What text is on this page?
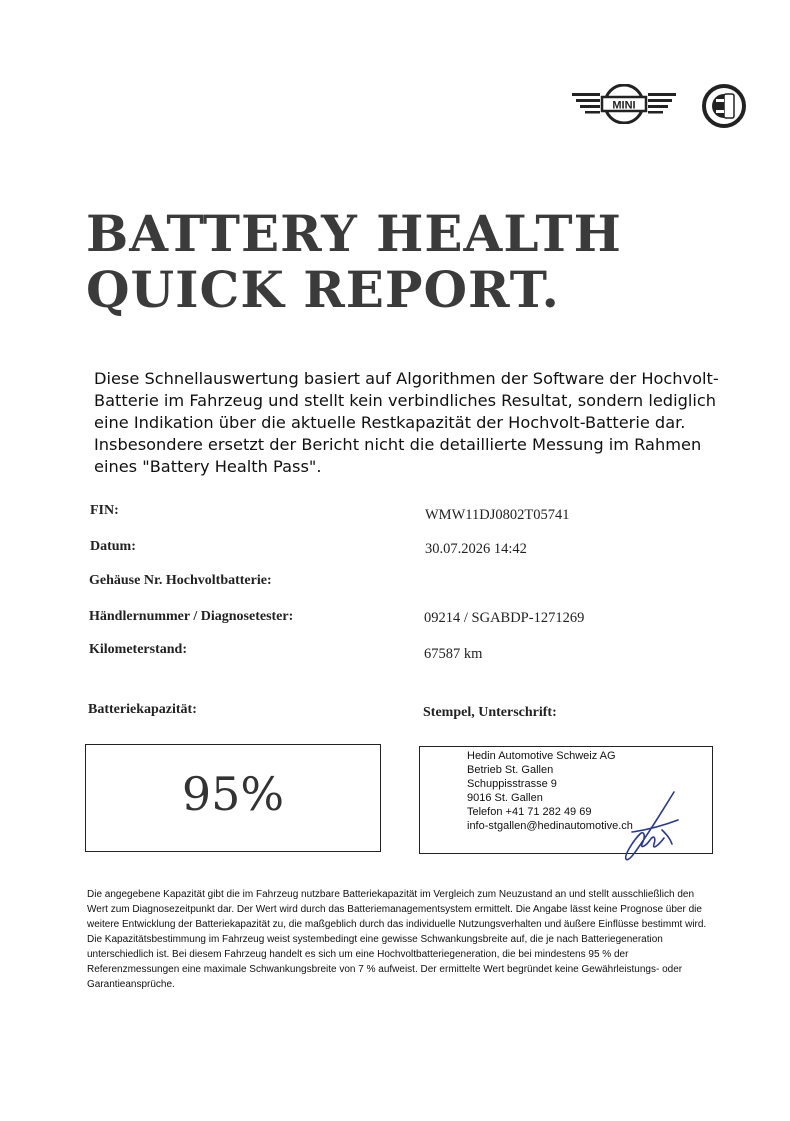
MINI
BATTERY HEALTH
QUICK REPORT.

Diese Schnellauswertung basiert auf Algorithmen der Software der Hochvolt-Batterie im Fahrzeug und stellt kein verbindliches Resultat, sondern lediglich eine Indikation über die aktuelle Restkapazität der Hochvolt-Batterie dar. Insbesondere ersetzt der Bericht nicht die detaillierte Messung im Rahmen eines "Battery Health Pass".

FIN:	WMW11DJ0802T05741
Datum:	30.07.2026 14:42
Gehäuse Nr. Hochvoltbatterie:
Händlernummer / Diagnosetester:	09214 / SGABDP-1271269
Kilometerstand:	67587 km
Batteriekapazität:	Stempel, Unterschrift:
95%
Hedin Automotive Schweiz AG
Betrieb St. Gallen
Schuppisstrasse 9
9016 St. Gallen
Telefon +41 71 282 49 69
info-stgallen@hedinautomotive.ch

Die angegebene Kapazität gibt die im Fahrzeug nutzbare Batteriekapazität im Vergleich zum Neuzustand an und stellt ausschließlich den Wert zum Diagnosezeitpunkt dar. Der Wert wird durch das Batteriemanagementsystem ermittelt. Die Angabe lässt keine Prognose über die weitere Entwicklung der Batteriekapazität zu, die maßgeblich durch das individuelle Nutzungsverhalten und äußere Einflüsse bestimmt wird. Die Kapazitätsbestimmung im Fahrzeug weist systembedingt eine gewisse Schwankungsbreite auf, die je nach Batteriegeneration unterschiedlich ist. Bei diesem Fahrzeug handelt es sich um eine Hochvoltbatteriegeneration, die bei mindestens 95 % der Referenzmessungen eine maximale Schwankungsbreite von 7 % aufweist. Der ermittelte Wert begründet keine Gewährleistungs- oder Garantieansprüche.
